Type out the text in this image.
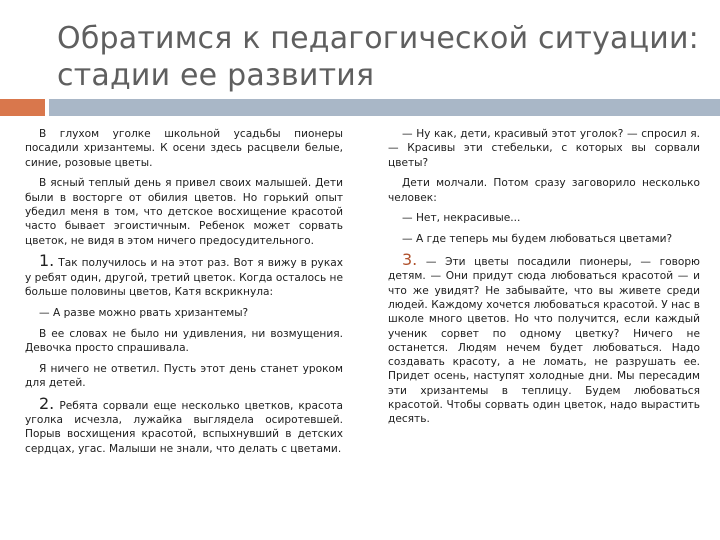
Обратимся к педагогической ситуации:
стадии ее развития

В глухом уголке школьной усадьбы пионеры посадили хризантемы. К осени здесь расцвели белые, синие, розовые цветы.

В ясный теплый день я привел своих малышей. Дети были в восторге от обилия цветов. Но горький опыт убедил меня в том, что детское восхищение красотой часто бывает эгоистичным. Ребенок может сорвать цветок, не видя в этом ничего предосудительного.

1. Так получилось и на этот раз. Вот я вижу в руках у ребят один, другой, третий цветок. Когда осталось не больше половины цветов, Катя вскрикнула:

— А разве можно рвать хризантемы?

В ее словах не было ни удивления, ни возмущения. Девочка просто спрашивала.

Я ничего не ответил. Пусть этот день станет уроком для детей.

2. Ребята сорвали еще несколько цветков, красота уголка исчезла, лужайка выглядела осиротевшей. Порыв восхищения красотой, вспыхнувший в детских сердцах, угас. Малыши не знали, что делать с цветами.

— Ну как, дети, красивый этот уголок? — спросил я. — Красивы эти стебельки, с которых вы сорвали цветы?

Дети молчали. Потом сразу заговорило несколько человек:

— Нет, некрасивые...

— А где теперь мы будем любоваться цветами?

3. — Эти цветы посадили пионеры, — говорю детям. — Они придут сюда любоваться красотой — и что же увидят? Не забывайте, что вы живете среди людей. Каждому хочется любоваться красотой. У нас в школе много цветов. Но что получится, если каждый ученик сорвет по одному цветку? Ничего не останется. Людям нечем будет любоваться. Надо создавать красоту, а не ломать, не разрушать ее. Придет осень, наступят холодные дни. Мы пересадим эти хризантемы в теплицу. Будем любоваться красотой. Чтобы сорвать один цветок, надо вырастить десять.
